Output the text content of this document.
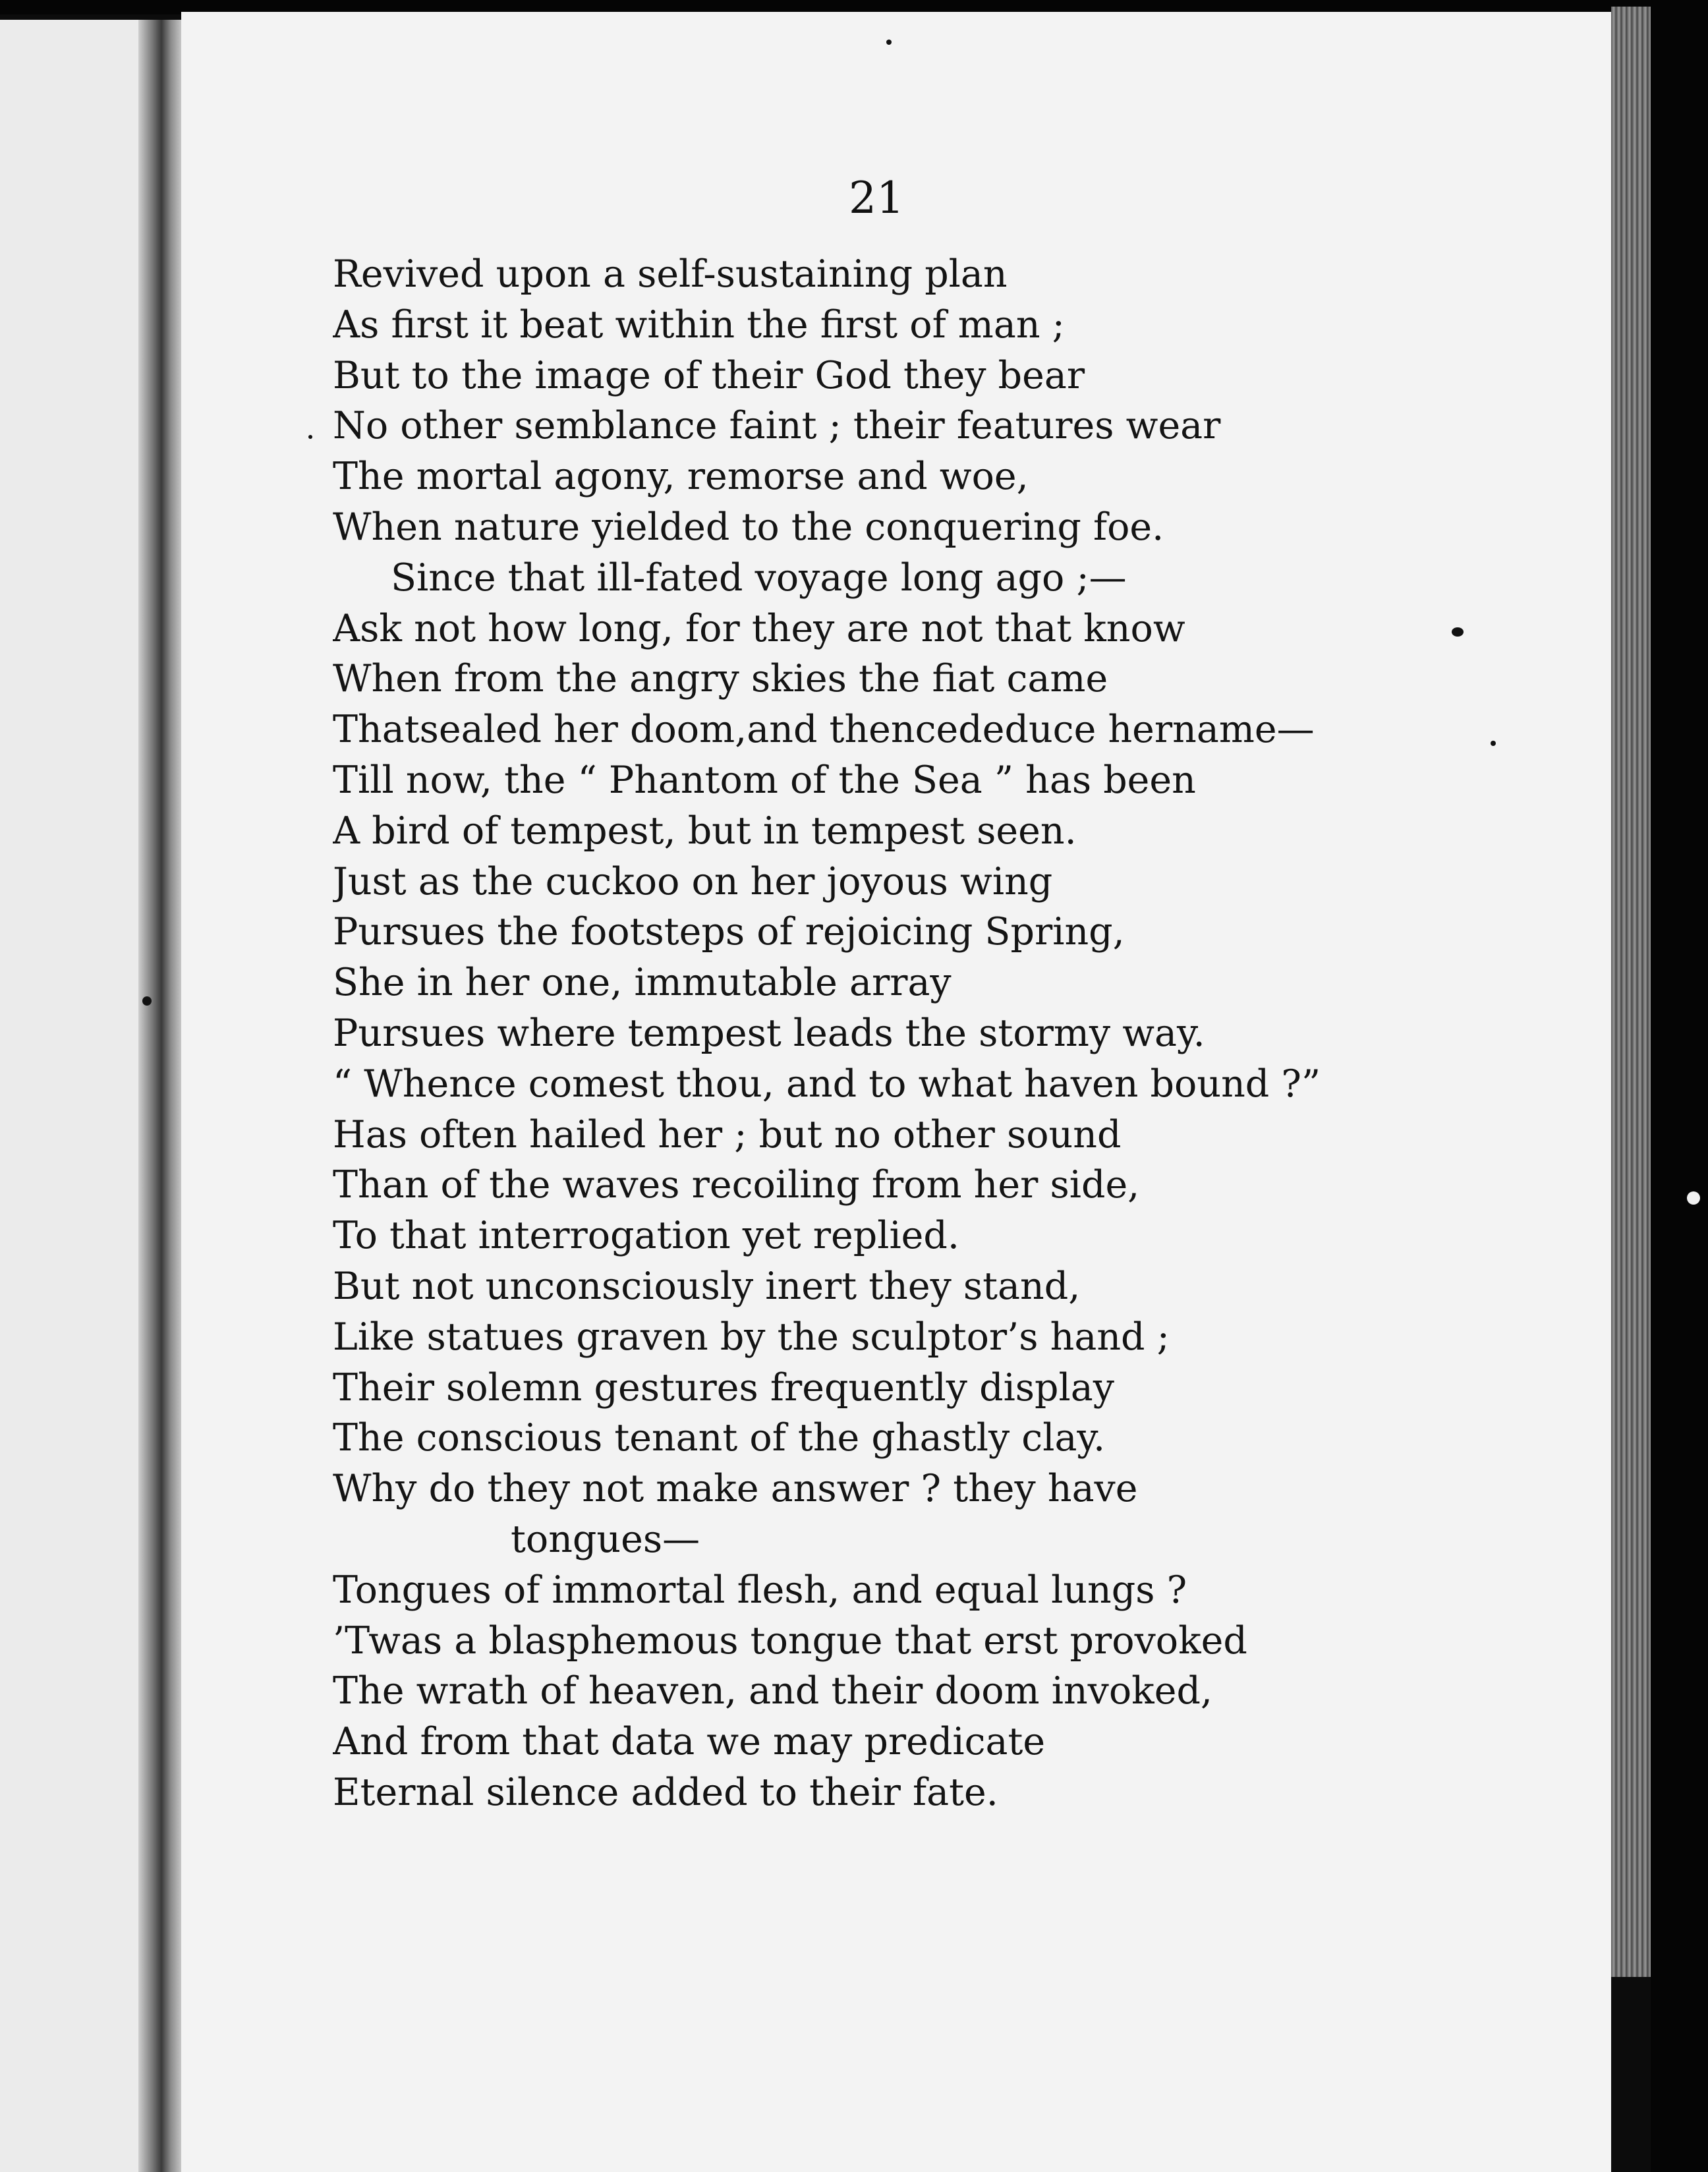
21
Revived upon a self-sustaining plan
As first it beat within the first of man ;
But to the image of their God they bear
No other semblance faint ; their features wear
The mortal agony, remorse and woe,
When nature yielded to the conquering foe.
Since that ill-fated voyage long ago ;—
Ask not how long, for they are not that know
When from the angry skies the fiat came
Thatsealed her doom,and thencededuce hername—
Till now, the “ Phantom of the Sea ” has been
A bird of tempest, but in tempest seen.
Just as the cuckoo on her joyous wing
Pursues the footsteps of rejoicing Spring,
She in her one, immutable array
Pursues where tempest leads the stormy way.
“ Whence comest thou, and to what haven bound ?”
Has often hailed her ; but no other sound
Than of the waves recoiling from her side,
To that interrogation yet replied.
But not unconsciously inert they stand,
Like statues graven by the sculptor’s hand ;
Their solemn gestures frequently display
The conscious tenant of the ghastly clay.
Why do they not make answer ? they have
tongues—
Tongues of immortal flesh, and equal lungs ?
’Twas a blasphemous tongue that erst provoked
The wrath of heaven, and their doom invoked,
And from that data we may predicate
Eternal silence added to their fate.
